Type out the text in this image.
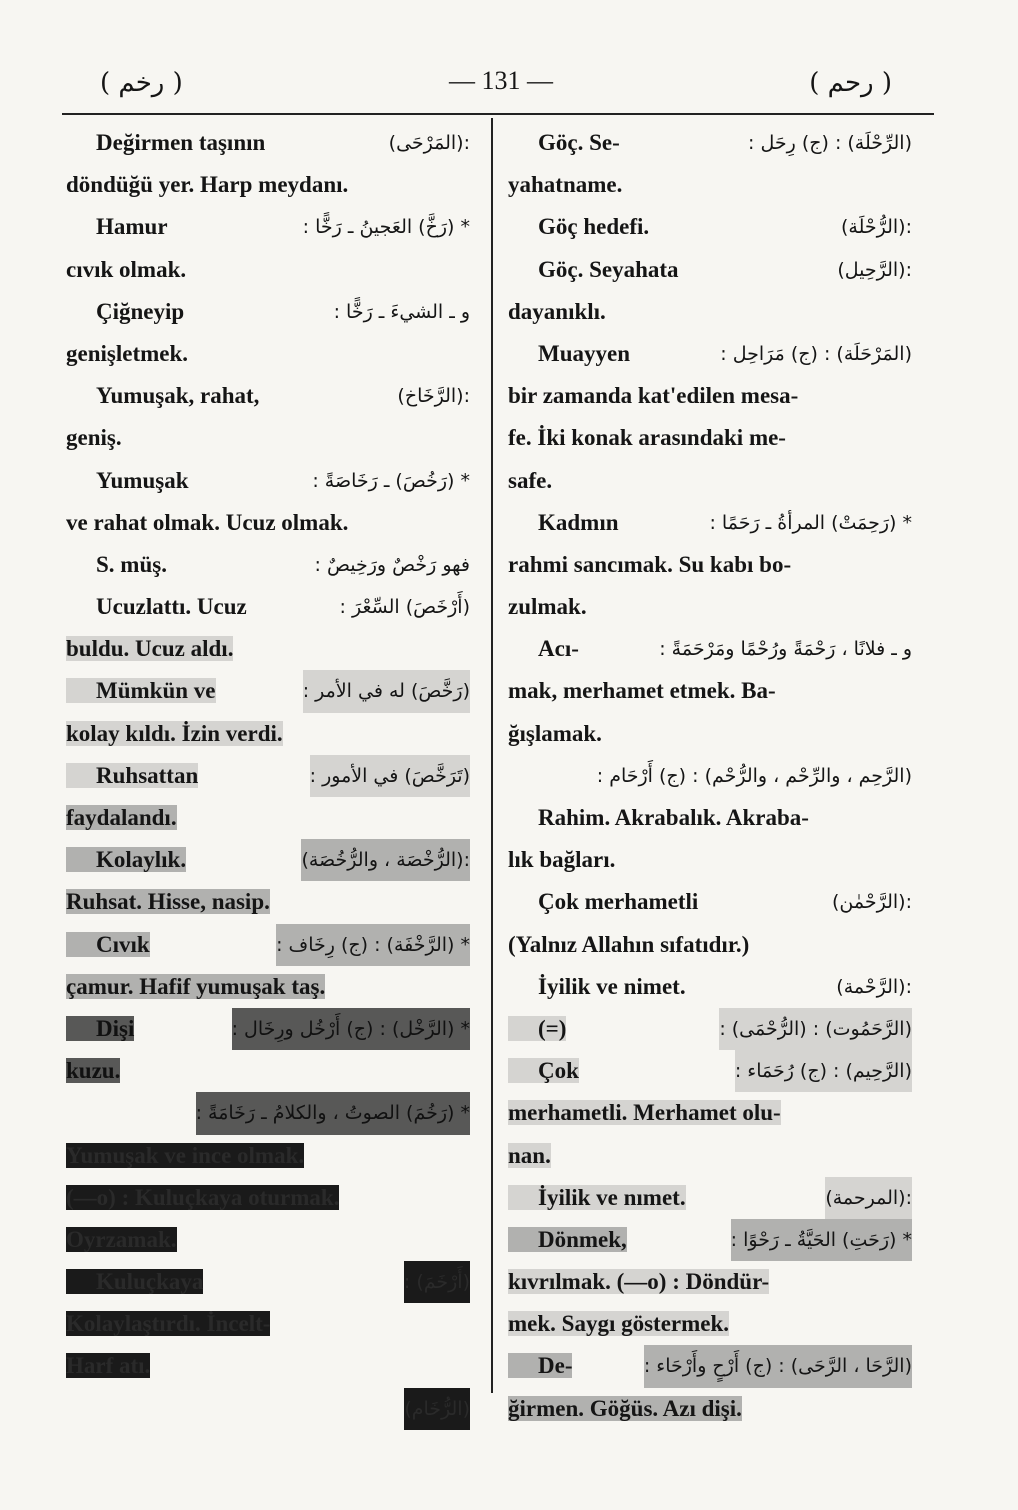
( رخم )	— 131 —	( رحم )
Değirmen taşının	:(المَرْحَى)
döndüğü yer. Harp meydanı.
Hamur	* (رَخَّ) العَجينُ ـ رَخًّا :
cıvık olmak.
Çiğneyip	و ـ الشيءَ ـ رَخًّا :
genişletmek.
Yumuşak, rahat,	:(الرَّخَاخ)
geniş.
Yumuşak	* (رَخُصَ) ـ رَخَاصَةً :
ve rahat olmak. Ucuz olmak.
S. müş.	فهو رَخْصٌ ورَخِيصٌ :
Ucuzlattı. Ucuz	(أَرْخَصَ) السِّعْرَ :
buldu. Ucuz aldı.
Mümkün ve	(رَخَّصَ) له في الأمر :
kolay kıldı. İzin verdi.
Ruhsattan	(تَرَخَّصَ) في الأمور :
faydalandı.
Kolaylık.	:(الرُّخْصَة ، والرُّخُصَة)
Ruhsat. Hisse, nasip.
Cıvık	* (الرَّخْفَة) : (ج) رِخَاف :
çamur. Hafif yumuşak taş.
Dişi	* (الرَّخْل) : (ج) أَرْخُل ورِخَال :
kuzu.
* (رَخُمَ) الصوتُ ، والكلامُ ـ رَخَامَةً :
Yumuşak ve ince olmak.
(—o) : Kuluçkaya oturmak.
Oyrzamak.
Kuluçkaya	(أَرْخَمَ) :
Kolaylaştırdı. İncelt-
Harf atı.
(الرُّخَام)
Göç. Se-	(الرِّحْلَة) : (ج) رِحَل :
yahatname.
Göç hedefi.	:(الرُّحْلَة)
Göç. Seyahata	:(الرَّحِيل)
dayanıklı.
Muayyen	(المَرْحَلَة) : (ج) مَرَاحِل :
bir zamanda kat'edilen mesa-
fe. İki konak arasındaki me-
safe.
Kadmın	* (رَحِمَتْ) المرأةُ ـ رَحَمًا :
rahmi sancımak. Su kabı bo-
zulmak.
Acı-	و ـ فلانًا ، رَحْمَةً ورُحْمًا ومَرْحَمَةً :
mak, merhamet etmek. Ba-
ğışlamak.
(الرَّحِم ، والرِّحْم ، والرُّحْم) : (ج) أَرْحَام :
Rahim. Akrabalık. Akraba-
lık bağları.
Çok merhametli	:(الرَّحْمٰن)
(Yalnız Allahın sıfatıdır.)
İyilik ve nimet.	:(الرَّحْمة)
(=)	(الرَّحَمُوت) : (الرُّحْمَى) :
Çok	(الرَّحِيم) : (ج) رُحَمَاء :
merhametli. Merhamet olu-
nan.
İyilik ve nımet.	:(المرحمة)
Dönmek,	* (رَحَتِ) الحَيَّةُ ـ رَحْوًا :
kıvrılmak. (—o) : Döndür-
mek. Saygı göstermek.
De-	(الرَّحَا ، الرَّحَى) : (ج) أَرْحٍ وأَرْحَاء :
ğirmen. Göğüs. Azı dişi.
